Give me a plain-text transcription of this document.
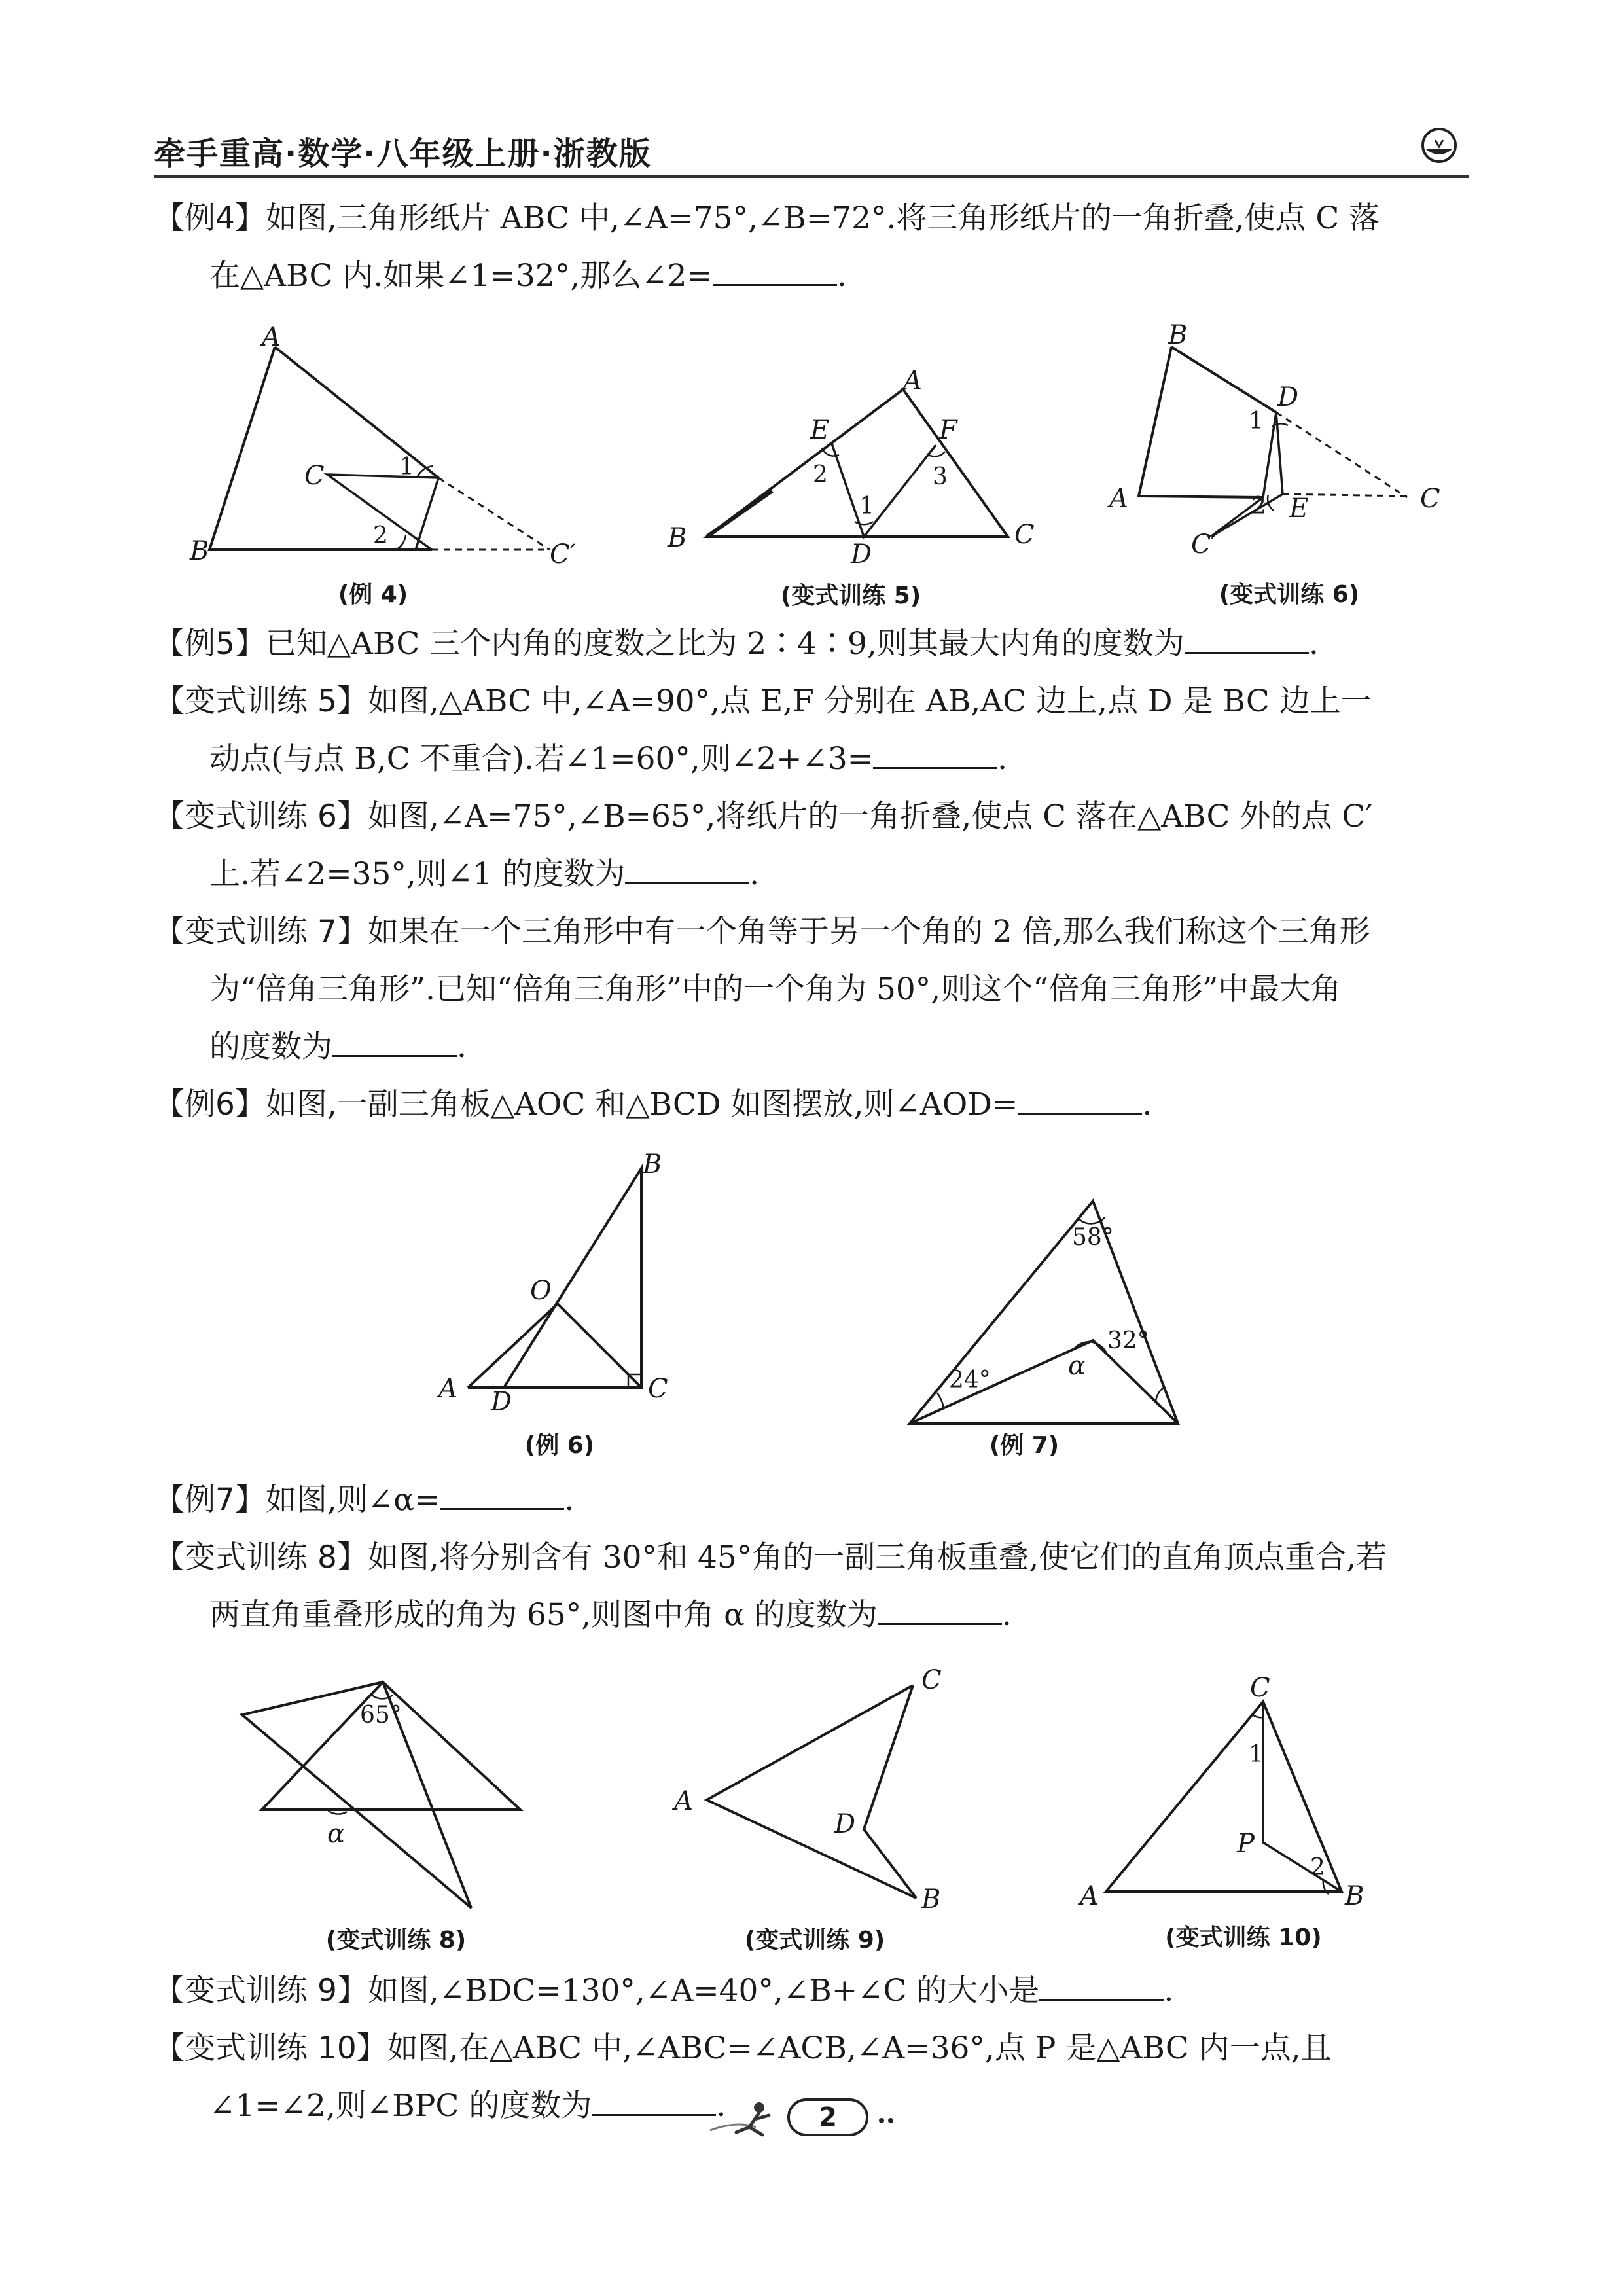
牵手重高·数学·八年级上册·浙教版
【例4】如图,三角形纸片 ABC 中,∠A=75°,∠B=72°.将三角形纸片的一角折叠,使点 C 落
在△ABC 内.如果∠1=32°,那么∠2=	.
A
B
C
C′
1
2
(例 4)
A
B	C
D
E	F
1
2	3
(变式训练 5)
B
A	C
C′
D
E
1
2
(变式训练 6)
【例5】已知△ABC 三个内角的度数之比为 2∶4∶9,则其最大内角的度数为	.
【变式训练 5】如图,△ABC 中,∠A=90°,点 E,F 分别在 AB,AC 边上,点 D 是 BC 边上一
动点(与点 B,C 不重合).若∠1=60°,则∠2+∠3=	.
【变式训练 6】如图,∠A=75°,∠B=65°,将纸片的一角折叠,使点 C 落在△ABC 外的点 C′
上.若∠2=35°,则∠1 的度数为	.
【变式训练 7】如果在一个三角形中有一个角等于另一个角的 2 倍,那么我们称这个三角形
为“倍角三角形”.已知“倍角三角形”中的一个角为 50°,则这个“倍角三角形”中最大角
的度数为	.
【例6】如图,一副三角板△AOC 和△BCD 如图摆放,则∠AOD=	.
B
A D	C
O
(例 6)
58°
24°
32°
α
(例 7)
【例7】如图,则∠α=	.
【变式训练 8】如图,将分别含有 30°和 45°角的一副三角板重叠,使它们的直角顶点重合,若
两直角重叠形成的角为 65°,则图中角 α 的度数为	.
65°
α
(变式训练 8)
C
A
D
B
(变式训练 9)
C
A	B
P
1
2
(变式训练 10)
【变式训练 9】如图,∠BDC=130°,∠A=40°,∠B+∠C 的大小是	.
【变式训练 10】如图,在△ABC 中,∠ABC=∠ACB,∠A=36°,点 P 是△ABC 内一点,且
∠1=∠2,则∠BPC 的度数为	.	2
